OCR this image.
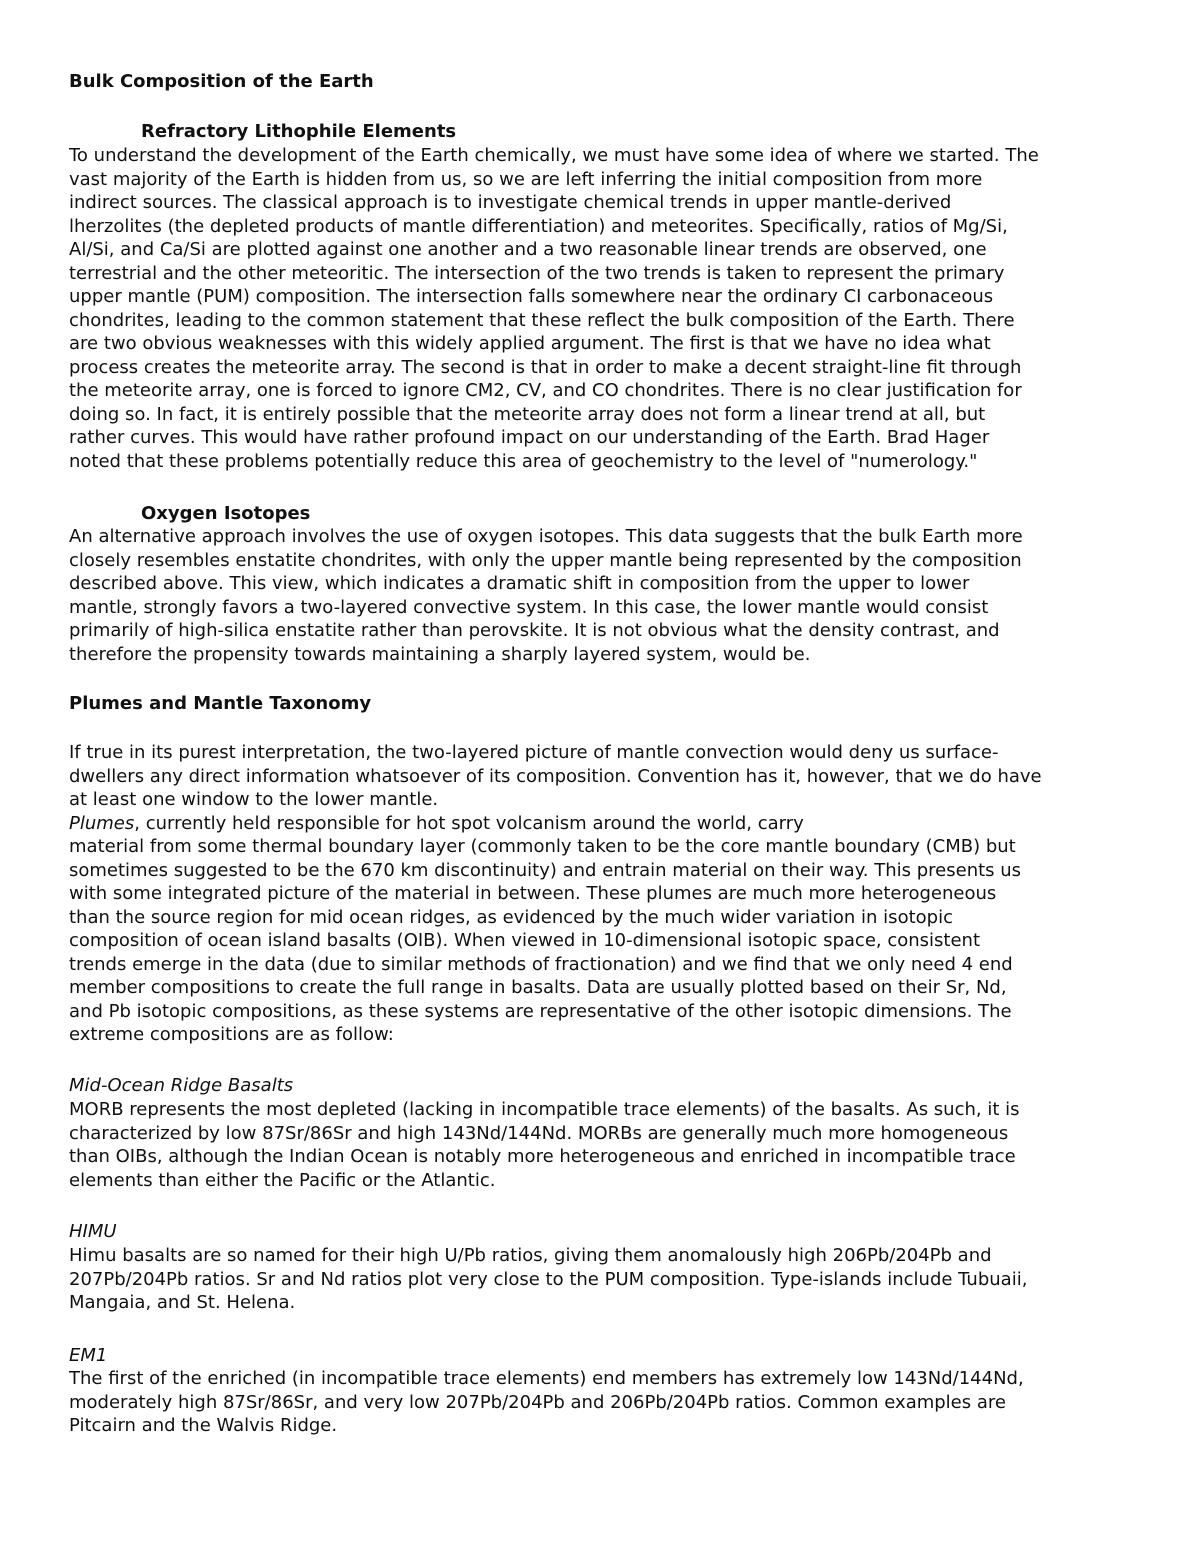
Bulk Composition of the Earth
Refractory Lithophile Elements
To understand the development of the Earth chemically, we must have some idea of where we started. The
vast majority of the Earth is hidden from us, so we are left inferring the initial composition from more
indirect sources. The classical approach is to investigate chemical trends in upper mantle-derived
lherzolites (the depleted products of mantle differentiation) and meteorites. Specifically, ratios of Mg/Si,
Al/Si, and Ca/Si are plotted against one another and a two reasonable linear trends are observed, one
terrestrial and the other meteoritic. The intersection of the two trends is taken to represent the primary
upper mantle (PUM) composition. The intersection falls somewhere near the ordinary CI carbonaceous
chondrites, leading to the common statement that these reflect the bulk composition of the Earth. There
are two obvious weaknesses with this widely applied argument. The first is that we have no idea what
process creates the meteorite array. The second is that in order to make a decent straight-line fit through
the meteorite array, one is forced to ignore CM2, CV, and CO chondrites. There is no clear justification for
doing so. In fact, it is entirely possible that the meteorite array does not form a linear trend at all, but
rather curves. This would have rather profound impact on our understanding of the Earth. Brad Hager
noted that these problems potentially reduce this area of geochemistry to the level of "numerology."
Oxygen Isotopes
An alternative approach involves the use of oxygen isotopes. This data suggests that the bulk Earth more
closely resembles enstatite chondrites, with only the upper mantle being represented by the composition
described above. This view, which indicates a dramatic shift in composition from the upper to lower
mantle, strongly favors a two-layered convective system. In this case, the lower mantle would consist
primarily of high-silica enstatite rather than perovskite. It is not obvious what the density contrast, and
therefore the propensity towards maintaining a sharply layered system, would be.
Plumes and Mantle Taxonomy
If true in its purest interpretation, the two-layered picture of mantle convection would deny us surface-
dwellers any direct information whatsoever of its composition. Convention has it, however, that we do have
at least one window to the lower mantle.
Plumes, currently held responsible for hot spot volcanism around the world, carry
material from some thermal boundary layer (commonly taken to be the core mantle boundary (CMB) but
sometimes suggested to be the 670 km discontinuity) and entrain material on their way. This presents us
with some integrated picture of the material in between. These plumes are much more heterogeneous
than the source region for mid ocean ridges, as evidenced by the much wider variation in isotopic
composition of ocean island basalts (OIB). When viewed in 10-dimensional isotopic space, consistent
trends emerge in the data (due to similar methods of fractionation) and we find that we only need 4 end
member compositions to create the full range in basalts. Data are usually plotted based on their Sr, Nd,
and Pb isotopic compositions, as these systems are representative of the other isotopic dimensions. The
extreme compositions are as follow:
Mid-Ocean Ridge Basalts
MORB represents the most depleted (lacking in incompatible trace elements) of the basalts. As such, it is
characterized by low 87Sr/86Sr and high 143Nd/144Nd. MORBs are generally much more homogeneous
than OIBs, although the Indian Ocean is notably more heterogeneous and enriched in incompatible trace
elements than either the Pacific or the Atlantic.
HIMU
Himu basalts are so named for their high U/Pb ratios, giving them anomalously high 206Pb/204Pb and
207Pb/204Pb ratios. Sr and Nd ratios plot very close to the PUM composition. Type-islands include Tubuaii,
Mangaia, and St. Helena.
EM1
The first of the enriched (in incompatible trace elements) end members has extremely low 143Nd/144Nd,
moderately high 87Sr/86Sr, and very low 207Pb/204Pb and 206Pb/204Pb ratios. Common examples are
Pitcairn and the Walvis Ridge.
